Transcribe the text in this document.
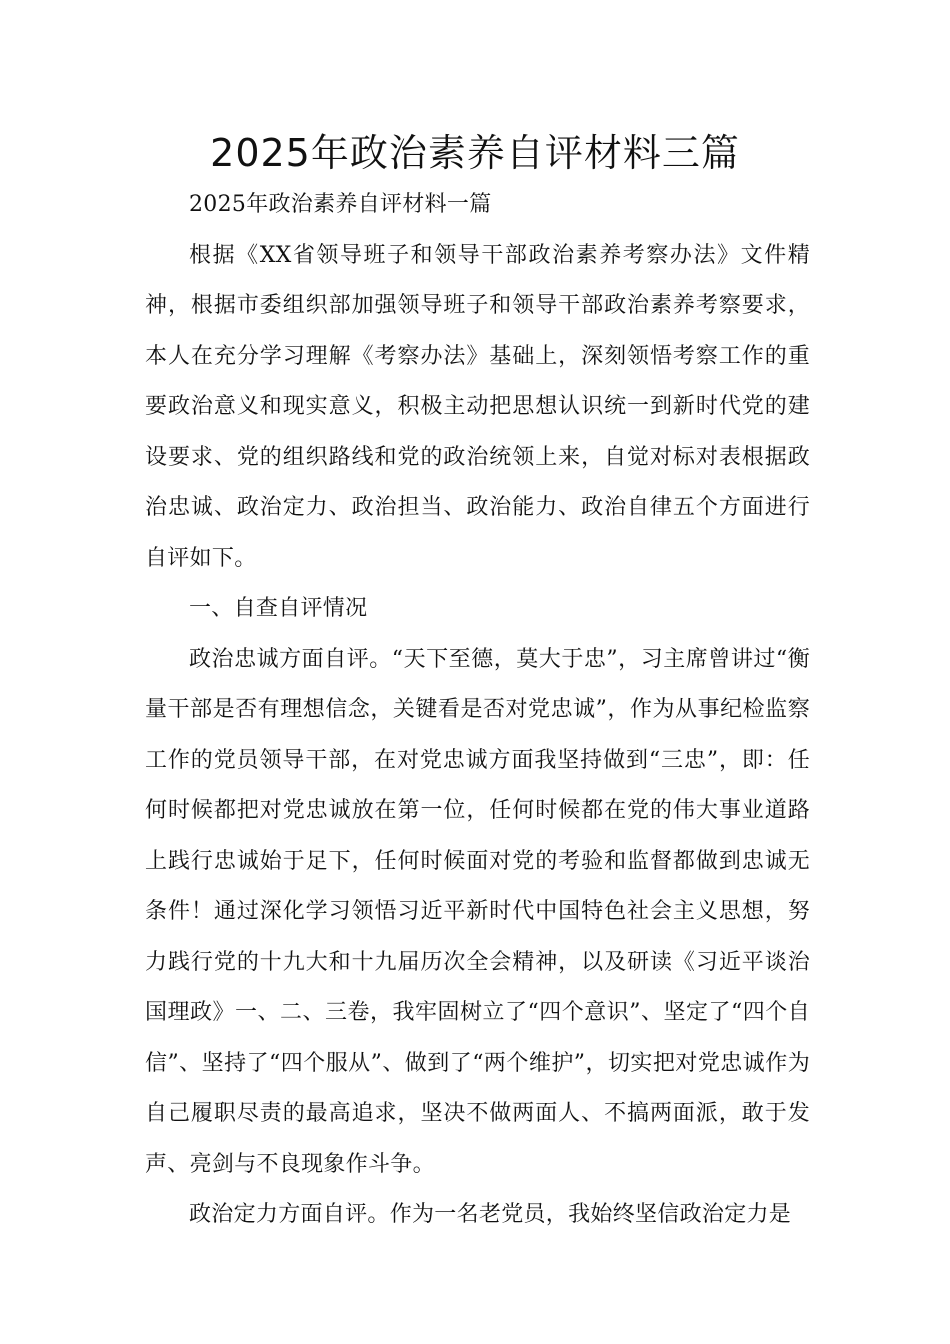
2025年政治素养自评材料三篇

2025年政治素养自评材料一篇

根据《XX省领导班子和领导干部政治素养考察办法》文件精神，根据市委组织部加强领导班子和领导干部政治素养考察要求，本人在充分学习理解《考察办法》基础上，深刻领悟考察工作的重要政治意义和现实意义，积极主动把思想认识统一到新时代党的建设要求、党的组织路线和党的政治统领上来，自觉对标对表根据政治忠诚、政治定力、政治担当、政治能力、政治自律五个方面进行自评如下。

一、自查自评情况

政治忠诚方面自评。“天下至德，莫大于忠”，习主席曾讲过“衡量干部是否有理想信念，关键看是否对党忠诚”，作为从事纪检监察工作的党员领导干部，在对党忠诚方面我坚持做到“三忠”，即：任何时候都把对党忠诚放在第一位，任何时候都在党的伟大事业道路上践行忠诚始于足下，任何时候面对党的考验和监督都做到忠诚无条件！通过深化学习领悟习近平新时代中国特色社会主义思想，努力践行党的十九大和十九届历次全会精神，以及研读《习近平谈治国理政》一、二、三卷，我牢固树立了“四个意识”、坚定了“四个自信”、坚持了“四个服从”、做到了“两个维护”，切实把对党忠诚作为自己履职尽责的最高追求，坚决不做两面人、不搞两面派，敢于发声、亮剑与不良现象作斗争。

政治定力方面自评。作为一名老党员，我始终坚信政治定力是
